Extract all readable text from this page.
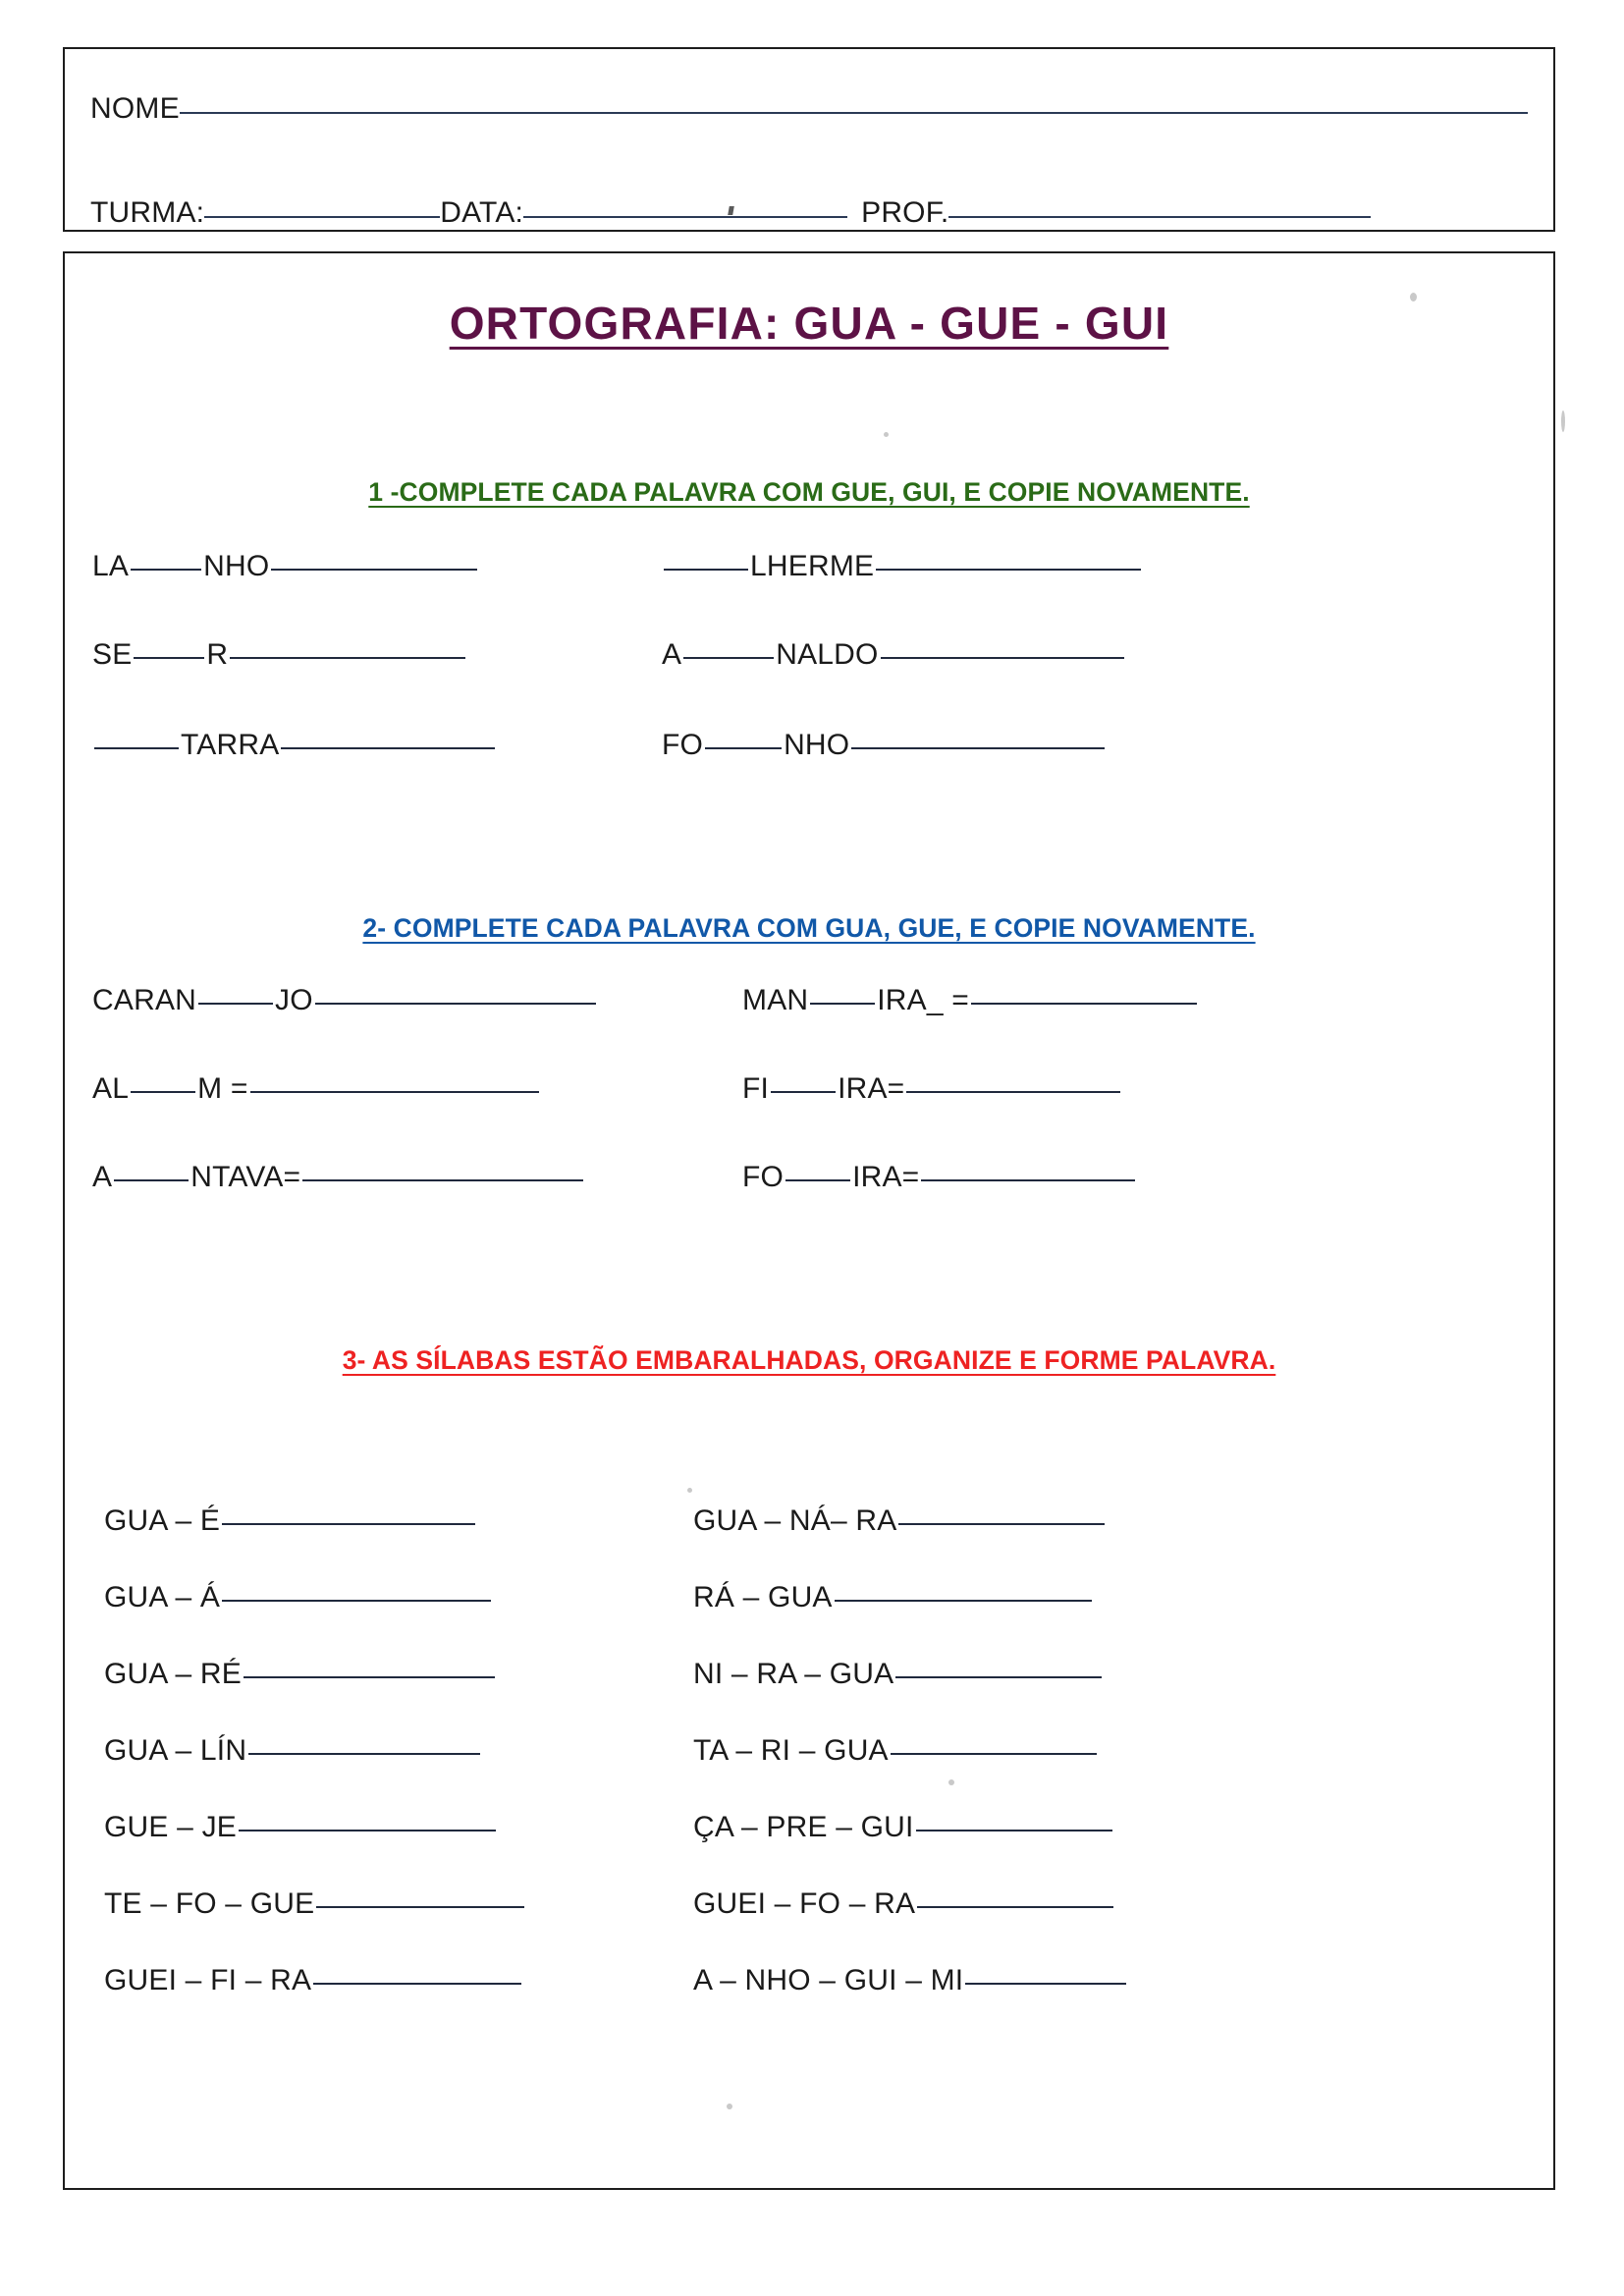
NOME
TURMA:	DATA:	PROF.
ORTOGRAFIA: GUA - GUE - GUI
1 -COMPLETE CADA PALAVRA COM GUE, GUI, E COPIE NOVAMENTE.
LA	NHO
SE	R
TARRA
LHERME
A	NALDO
FO	NHO
2- COMPLETE CADA PALAVRA COM GUA, GUE, E COPIE NOVAMENTE.
CARAN	JO
AL M =
A	NTAVA=
MAN IRA_ =
FI IRA=
FO IRA=
3- AS SÍLABAS ESTÃO EMBARALHADAS, ORGANIZE E FORME PALAVRA.
GUA – É
GUA – Á
GUA – RÉ
GUA – LÍN
GUE – JE
TE – FO – GUE
GUEI – FI – RA
GUA – NÁ– RA
RÁ – GUA
NI – RA – GUA
TA – RI – GUA
ÇA – PRE – GUI
GUEI – FO – RA
A – NHO – GUI – MI
